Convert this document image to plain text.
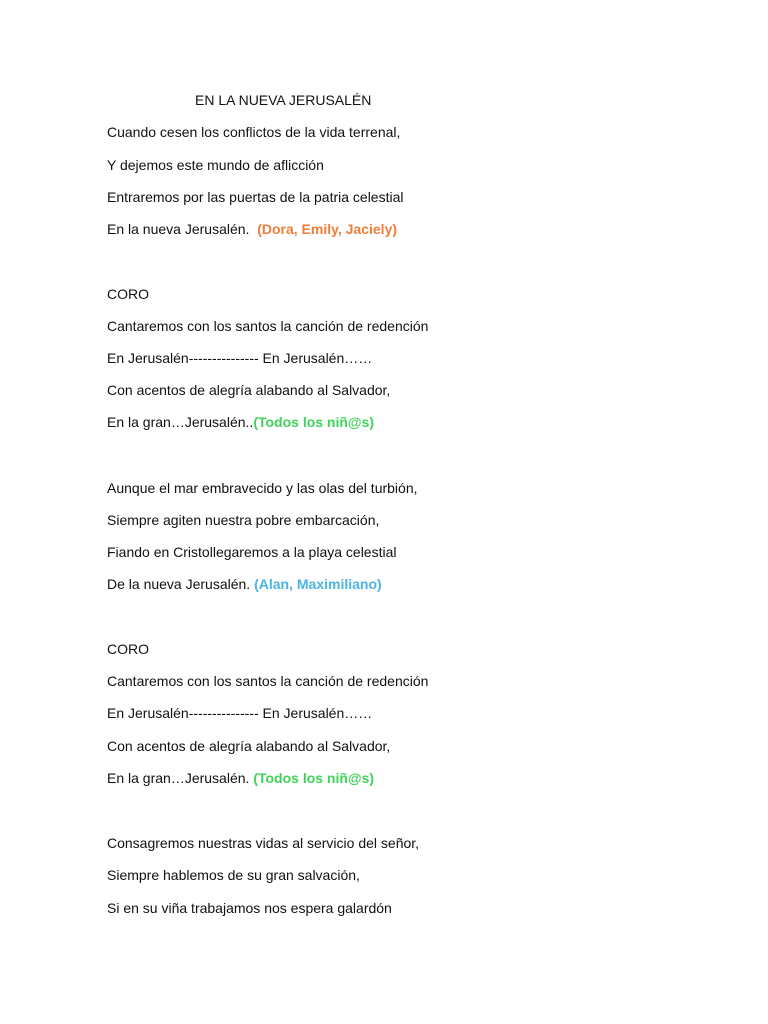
EN LA NUEVA JERUSALÉN
Cuando cesen los conflictos de la vida terrenal,
Y dejemos este mundo de aflicción
Entraremos por las puertas de la patria celestial
En la nueva Jerusalén.  (Dora, Emily, Jaciely)
CORO
Cantaremos con los santos la canción de redención
En Jerusalén--------------- En Jerusalén……
Con acentos de alegría alabando al Salvador,
En la gran…Jerusalén..(Todos los niñ@s)
Aunque el mar embravecido y las olas del turbión,
Siempre agiten nuestra pobre embarcación,
Fiando en Cristollegaremos a la playa celestial
De la nueva Jerusalén. (Alan, Maximiliano)
CORO
Cantaremos con los santos la canción de redención
En Jerusalén--------------- En Jerusalén……
Con acentos de alegría alabando al Salvador,
En la gran…Jerusalén. (Todos los niñ@s)
Consagremos nuestras vidas al servicio del señor,
Siempre hablemos de su gran salvación,
Si en su viña trabajamos nos espera galardón
